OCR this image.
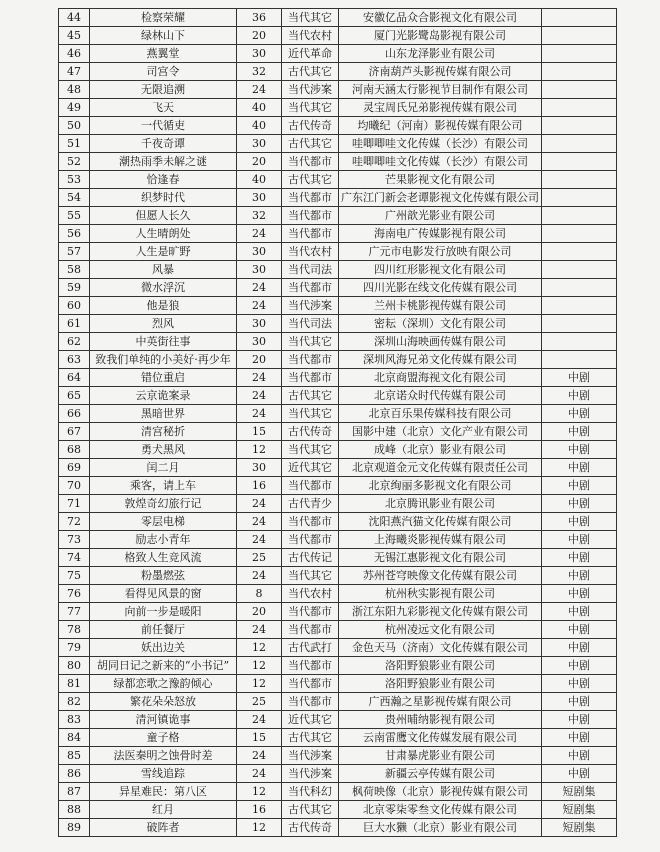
44	检察荣耀	36	当代其它	安徽亿品众合影视文化有限公司	
45	绿林山下	20	当代农村	厦门光影鹭岛影视有限公司	
46	燕翼堂	30	近代革命	山东龙泽影业有限公司	
47	司宫令	32	古代其它	济南葫芦头影视传媒有限公司	
48	无限追溯	24	当代涉案	河南天涵太行影视节目制作有限公司	
49	飞天	40	当代其它	灵宝周氏兄弟影视传媒有限公司	
50	一代循吏	40	古代传奇	均曦纪（河南）影视传媒有限公司	
51	千夜奇谭	30	古代其它	哇唧唧哇文化传媒（长沙）有限公司	
52	潮热雨季未解之谜	20	当代都市	哇唧唧哇文化传媒（长沙）有限公司	
53	恰逢春	40	古代其它	芒果影视文化有限公司	
54	织梦时代	30	当代都市	广东江门新会老谭影视文化传媒有限公司	
55	但愿人长久	32	当代都市	广州歆光影业有限公司	
56	人生晴朗处	24	当代都市	海南电广传媒影视有限公司	
57	人生是旷野	30	当代农村	广元市电影发行放映有限公司	
58	风暴	30	当代司法	四川红形影视文化有限公司	
59	微水浮沉	24	当代都市	四川光影在线文化传媒有限公司	
60	他是狼	24	当代涉案	兰州卡桃影视传媒有限公司	
61	烈风	30	当代司法	密耘（深圳）文化有限公司	
62	中英街往事	30	当代其它	深圳山海映画传媒有限公司	
63	致我们单纯的小美好·再少年	20	当代都市	深圳风海兄弟文化传媒有限公司	
64	错位重启	24	当代都市	北京商盟海视文化有限公司	中剧
65	云京诡案录	24	古代其它	北京诺众时代传媒有限公司	中剧
66	黑暗世界	24	当代其它	北京百乐果传媒科技有限公司	中剧
67	清宫秘折	15	古代传奇	国影中建（北京）文化产业有限公司	中剧
68	勇犬黑风	12	当代其它	成峰（北京）影业有限公司	中剧
69	闰二月	30	近代其它	北京观道金元文化传媒有限责任公司	中剧
70	乘客，请上车	16	当代都市	北京绚丽多影视文化有限公司	中剧
71	敦煌奇幻旅行记	24	古代青少	北京腾讯影业有限公司	中剧
72	零层电梯	24	当代都市	沈阳燕汽猫文化传媒有限公司	中剧
73	励志小青年	24	当代都市	上海曦炎影视传媒有限公司	中剧
74	格致人生竞风流	25	古代传记	无锡江惠影视文化有限公司	中剧
75	粉墨燃弦	24	当代其它	苏州苍穹映像文化传媒有限公司	中剧
76	看得见风景的窗	8	当代农村	杭州秋实影视有限公司	中剧
77	向前一步是暖阳	20	当代都市	浙江东阳九彩影视文化传媒有限公司	中剧
78	前任餐厅	24	当代都市	杭州凌远文化有限公司	中剧
79	妖出边关	12	古代武打	金色天马（济南）文化传媒有限公司	中剧
80	胡同日记之新来的“小书记”	12	当代都市	洛阳野狼影业有限公司	中剧
81	绿都恋歌之豫韵倾心	12	当代都市	洛阳野狼影业有限公司	中剧
82	繁花朵朵怒放	25	当代都市	广西瀚之星影视传媒有限公司	中剧
83	清河镇诡事	24	近代其它	贵州晡纳影视有限公司	中剧
84	童子格	15	古代其它	云南雷鹰文化传媒发展有限公司	中剧
85	法医秦明之蚀骨时差	24	当代涉案	甘肃暴虎影业有限公司	中剧
86	雪线追踪	24	当代涉案	新疆云亭传媒有限公司	中剧
87	异星难民：第八区	12	当代科幻	枫荷映像（北京）影视传媒有限公司	短剧集
88	红月	16	古代其它	北京零柒零叁文化传媒有限公司	短剧集
89	破阵者	12	古代传奇	巨大水獭（北京）影业有限公司	短剧集
